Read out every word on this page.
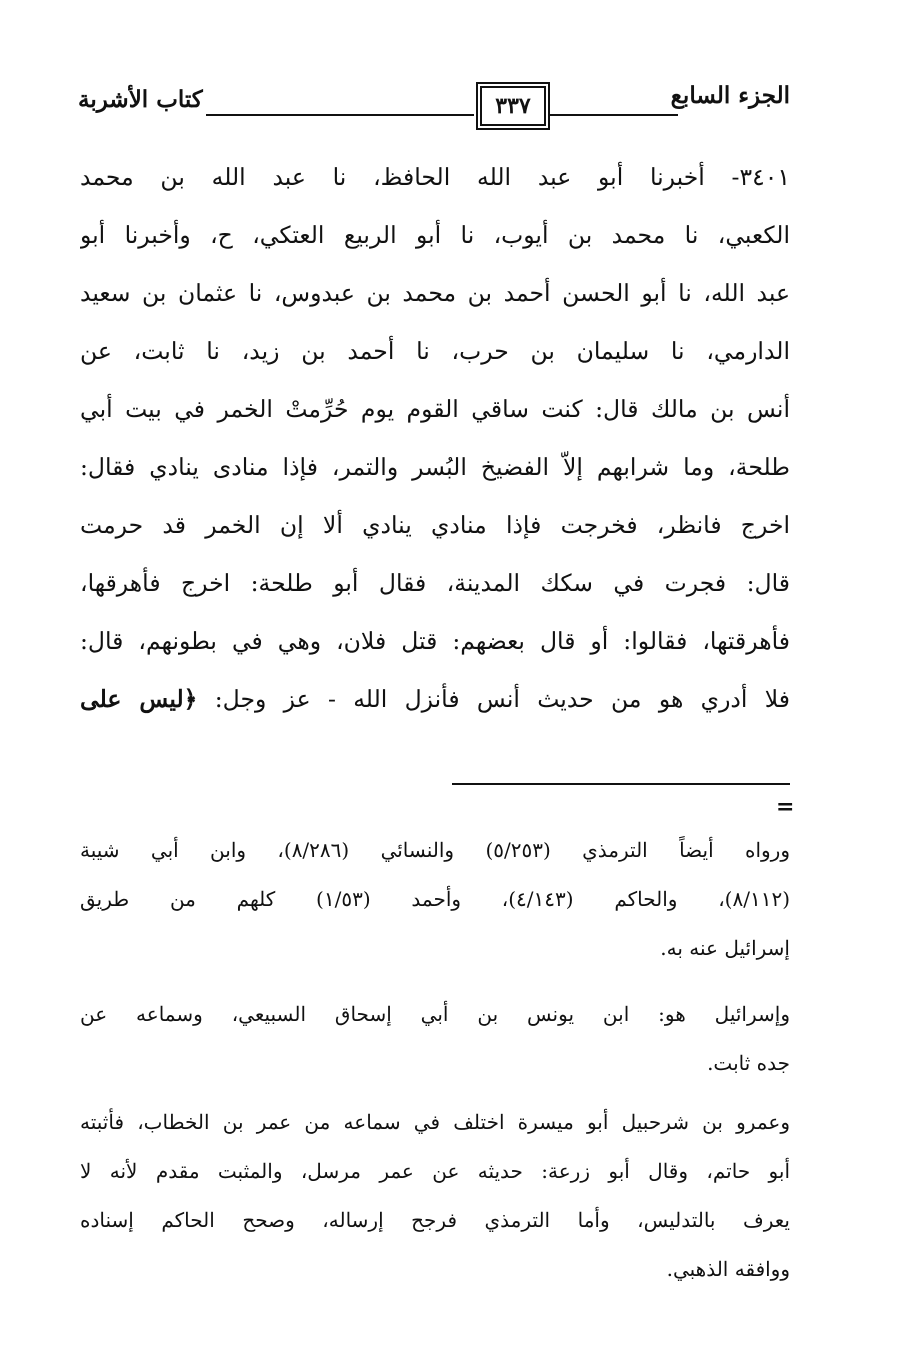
الجزء السابع
٣٣٧
كتاب الأشربة

٣٤٠١- أخبرنا أبو عبد الله الحافظ، نا عبد الله بن محمد

الكعبي، نا محمد بن أيوب، نا أبو الربيع العتكي، ح، وأخبرنا أبو

عبد الله، نا أبو الحسن أحمد بن محمد بن عبدوس، نا عثمان بن سعيد

الدارمي، نا سليمان بن حرب، نا أحمد بن زيد، نا ثابت، عن

أنس بن مالك قال: كنت ساقي القوم يوم حُرِّمتْ الخمر في بيت أبي

طلحة، وما شرابهم إلاّ الفضيخ البُسر والتمر، فإذا منادى ينادي فقال:

اخرج فانظر، فخرجت فإذا منادي ينادي ألا إن الخمر قد حرمت

قال: فجرت في سكك المدينة، فقال أبو طلحة: اخرج فأهرقها،

فأهرقتها، فقالوا: أو قال بعضهم: قتل فلان، وهي في بطونهم، قال:

فلا أدري هو من حديث أنس فأنزل الله - عز وجل: ﴿ليس على

=

ورواه أيضاً الترمذي (٥/٢٥٣) والنسائي (٨/٢٨٦)، وابن أبي شيبة

(٨/١١٢)، والحاكم (٤/١٤٣)، وأحمد (١/٥٣) كلهم من طريق

إسرائيل عنه به.

وإسرائيل هو: ابن يونس بن أبي إسحاق السبيعي، وسماعه عن

جده ثابت.

وعمرو بن شرحبيل أبو ميسرة اختلف في سماعه من عمر بن الخطاب، فأثبته

أبو حاتم، وقال أبو زرعة: حديثه عن عمر مرسل، والمثبت مقدم لأنه لا

يعرف بالتدليس، وأما الترمذي فرجح إرساله، وصحح الحاكم إسناده

ووافقه الذهبي.
